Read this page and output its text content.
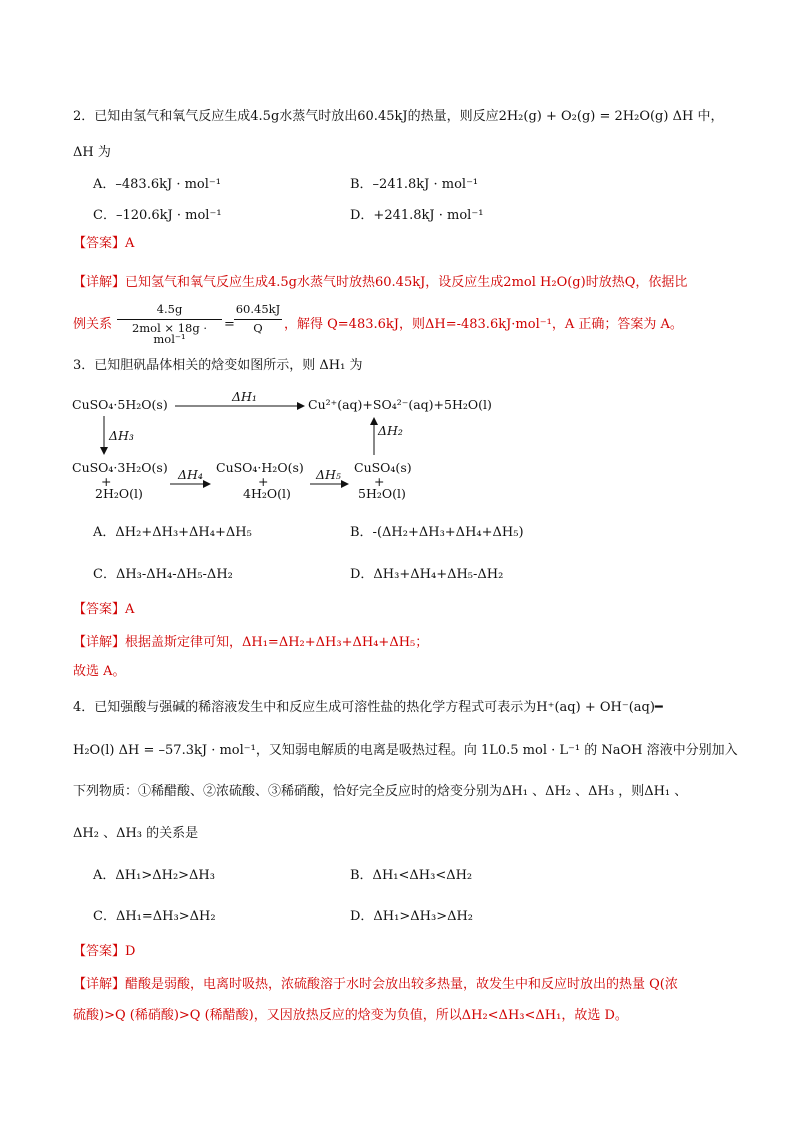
2．已知由氢气和氧气反应生成4.5g水蒸气时放出60.45kJ的热量，则反应2H₂(g) + O₂(g) = 2H₂O(g) ΔH 中，
ΔH 为
A．–483.6kJ · mol⁻¹	B．–241.8kJ · mol⁻¹
C．–120.6kJ · mol⁻¹	D．+241.8kJ · mol⁻¹
【答案】A
【详解】已知氢气和氧气反应生成4.5g水蒸气时放热60.45kJ，设反应生成2mol H₂O(g)时放热Q，依据比
例关系
4.5g
2mol × 18g · mol⁻¹
=
60.45kJ
Q	，解得 Q=483.6kJ，则ΔH=-483.6kJ·mol⁻¹，A 正确；答案为 A。
3．已知胆矾晶体相关的焓变如图所示，则 ΔH₁ 为
CuSO₄·5H₂O(s)
ΔH₁
Cu²⁺(aq)+SO₄²⁻(aq)+5H₂O(l)
ΔH₃	ΔH₂
CuSO₄·3H₂O(s)
+
2H₂O(l)
ΔH₄ CuSO₄·H₂O(s)
+
4H₂O(l)
ΔH₅ CuSO₄(s)
+
5H₂O(l)
A．ΔH₂+ΔH₃+ΔH₄+ΔH₅	B．-(ΔH₂+ΔH₃+ΔH₄+ΔH₅)
C．ΔH₃-ΔH₄-ΔH₅-ΔH₂	D．ΔH₃+ΔH₄+ΔH₅-ΔH₂
【答案】A
【详解】根据盖斯定律可知，ΔH₁=ΔH₂+ΔH₃+ΔH₄+ΔH₅；
故选 A。
4．已知强酸与强碱的稀溶液发生中和反应生成可溶性盐的热化学方程式可表示为H⁺(aq) + OH⁻(aq)━
H₂O(l) ΔH = –57.3kJ · mol⁻¹，又知弱电解质的电离是吸热过程。向 1L0.5 mol · L⁻¹ 的 NaOH 溶液中分别加入
下列物质：①稀醋酸、②浓硫酸、③稀硝酸，恰好完全反应时的焓变分别为ΔH₁ 、ΔH₂ 、ΔH₃ ，则ΔH₁ 、
ΔH₂ 、ΔH₃ 的关系是
A．ΔH₁>ΔH₂>ΔH₃	B．ΔH₁<ΔH₃<ΔH₂
C．ΔH₁=ΔH₃>ΔH₂	D．ΔH₁>ΔH₃>ΔH₂
【答案】D
【详解】醋酸是弱酸，电离时吸热，浓硫酸溶于水时会放出较多热量，故发生中和反应时放出的热量 Q(浓
硫酸)>Q (稀硝酸)>Q (稀醋酸)，又因放热反应的焓变为负值，所以ΔH₂<ΔH₃<ΔH₁，故选 D。
